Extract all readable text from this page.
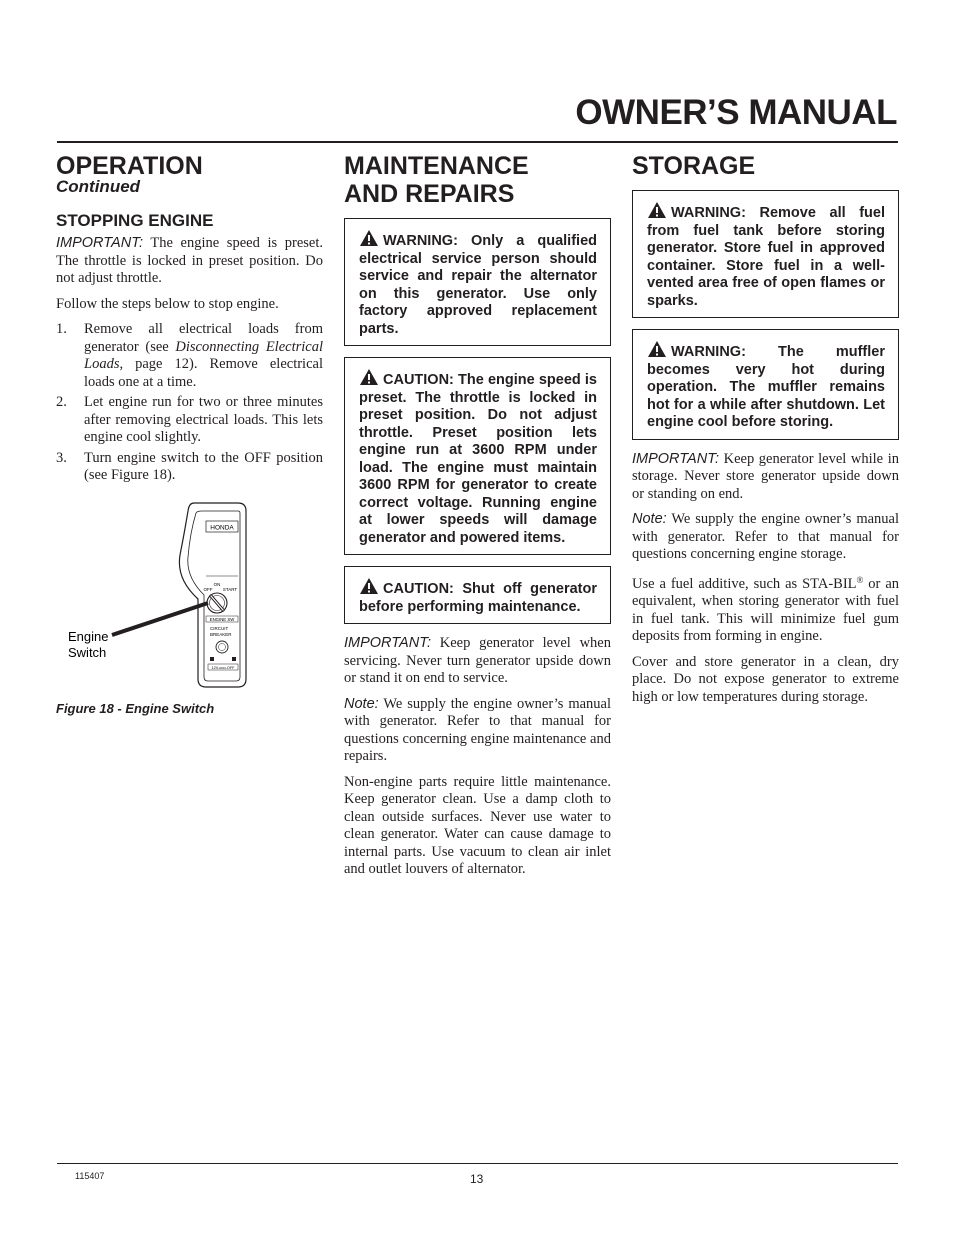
OWNER’S MANUAL
OPERATION
Continued
STOPPING ENGINE

IMPORTANT: The engine speed is preset. The throttle is locked in preset position. Do not adjust throttle.

Follow the steps below to stop engine.

1. Remove all electrical loads from generator (see Disconnecting Electrical Loads, page 12). Remove electrical loads one at a time.
2. Let engine run for two or three minutes after removing electrical loads. This lets engine cool slightly.
3. Turn engine switch to the OFF position (see Figure 18).
HONDA
ON
OFF START
ENGINE SW
CIRCUIT
BREAKER
12V-ooo-OFF
Engine
Switch
Figure 18 - Engine Switch
MAINTENANCE AND REPAIRS
WARNING: Only a qualified electrical service person should service and repair the alternator on this generator. Use only factory approved replacement parts.
CAUTION: The engine speed is preset. The throttle is locked in preset position. Do not adjust throttle. Preset position lets engine run at 3600 RPM under load. The engine must maintain 3600 RPM for generator to create correct voltage. Running engine at lower speeds will damage generator and powered items.
CAUTION: Shut off generator before performing maintenance.

IMPORTANT: Keep generator level when servicing. Never turn generator upside down or stand it on end to service.

Note: We supply the engine owner’s manual with generator. Refer to that manual for questions concerning engine maintenance and repairs.

Non-engine parts require little maintenance. Keep generator clean. Use a damp cloth to clean outside surfaces. Never use water to clean generator. Water can cause damage to internal parts. Use vacuum to clean air inlet and outlet louvers of alternator.

STORAGE
WARNING: Remove all fuel from fuel tank before storing generator. Store fuel in approved container. Store fuel in a well-vented area free of open flames or sparks.
WARNING: The muffler becomes very hot during operation. The muffler remains hot for a while after shutdown. Let engine cool before storing.

IMPORTANT: Keep generator level while in storage. Never store generator upside down or standing on end.

Note: We supply the engine owner’s manual with generator. Refer to that manual for questions concerning engine storage.

Use a fuel additive, such as STA-BIL® or an equivalent, when storing generator with fuel in fuel tank. This will minimize fuel gum deposits from forming in engine.

Cover and store generator in a clean, dry place. Do not expose generator to extreme high or low temperatures during storage.

115407	13
